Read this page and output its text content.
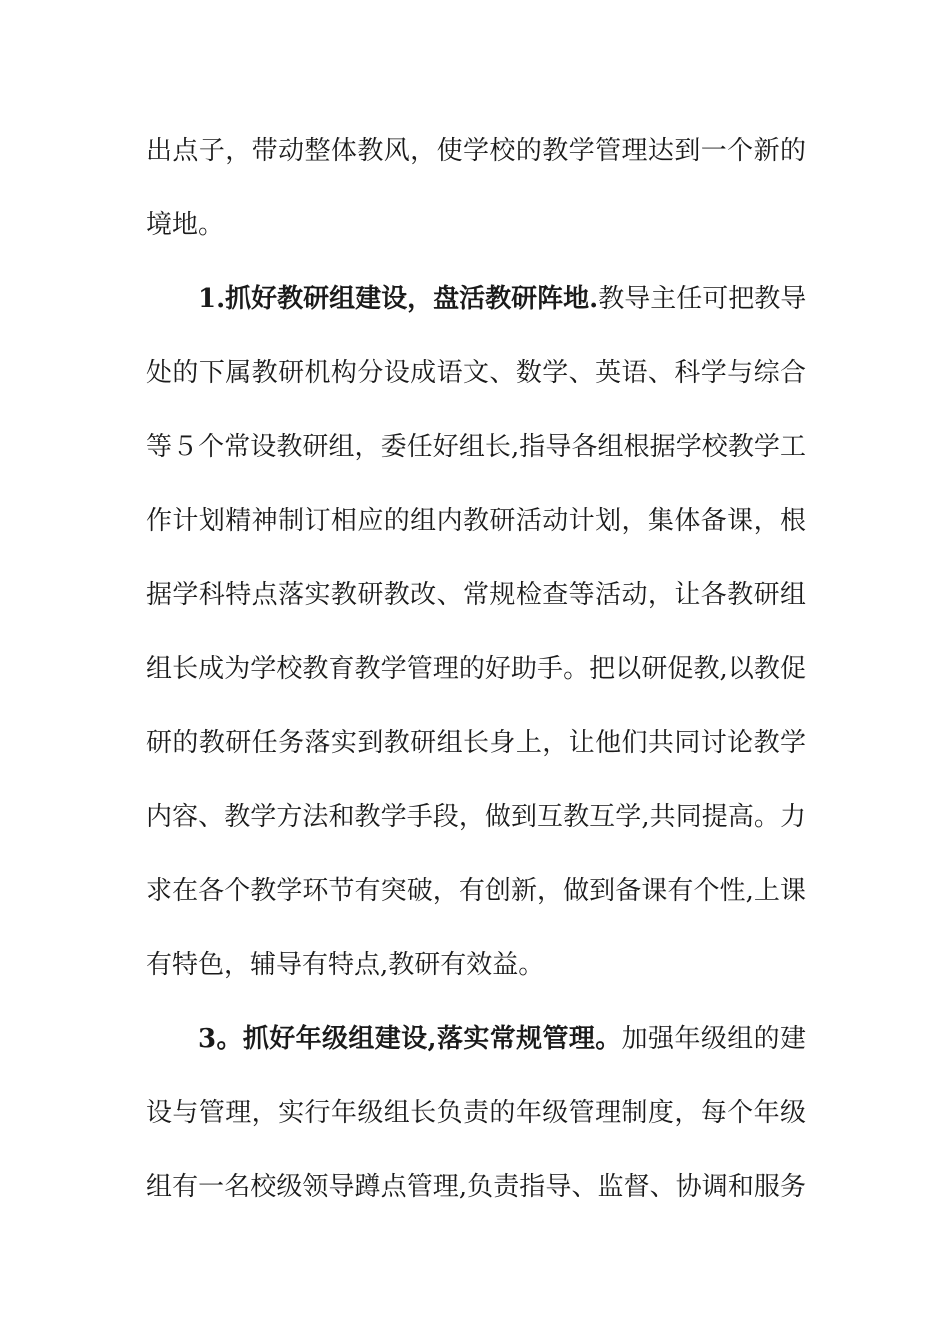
出点子，带动整体教风，使学校的教学管理达到一个新的
境地。
1.抓好教研组建设，盘活教研阵地.教导主任可把教导
处的下属教研机构分设成语文、数学、英语、科学与综合
等５个常设教研组，委任好组长,指导各组根据学校教学工
作计划精神制订相应的组内教研活动计划，集体备课，根
据学科特点落实教研教改、常规检查等活动，让各教研组
组长成为学校教育教学管理的好助手。把以研促教,以教促
研的教研任务落实到教研组长身上，让他们共同讨论教学
内容、教学方法和教学手段，做到互教互学,共同提高。力
求在各个教学环节有突破，有创新，做到备课有个性,上课
有特色，辅导有特点,教研有效益。
3。抓好年级组建设,落实常规管理。加强年级组的建
设与管理，实行年级组长负责的年级管理制度，每个年级
组有一名校级领导蹲点管理,负责指导、监督、协调和服务
